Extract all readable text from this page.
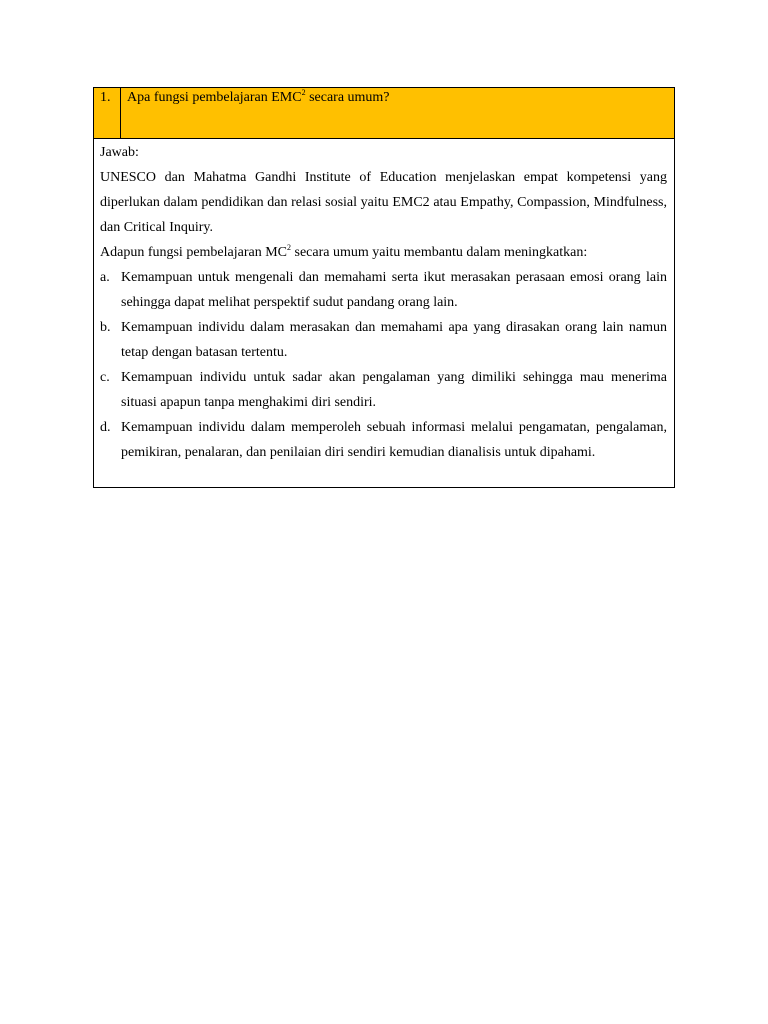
1.	Apa fungsi pembelajaran EMC$^2$ secara umum?

Jawab:

UNESCO dan Mahatma Gandhi Institute of Education menjelaskan empat kompetensi yang diperlukan dalam pendidikan dan relasi sosial yaitu EMC2 atau Empathy, Compassion, Mindfulness, dan Critical Inquiry.

Adapun fungsi pembelajaran $MC^2$ secara umum yaitu membantu dalam meningkatkan:

a. Kemampuan untuk mengenali dan memahami serta ikut merasakan perasaan emosi orang lain sehingga dapat melihat perspektif sudut pandang orang lain.
b. Kemampuan individu dalam merasakan dan memahami apa yang dirasakan orang lain namun tetap dengan batasan tertentu.
c. Kemampuan individu untuk sadar akan pengalaman yang dimiliki sehingga mau menerima situasi apapun tanpa menghakimi diri sendiri.
d. Kemampuan individu dalam memperoleh sebuah informasi melalui pengamatan, pengalaman, pemikiran, penalaran, dan penilaian diri sendiri kemudian dianalisis untuk dipahami.
